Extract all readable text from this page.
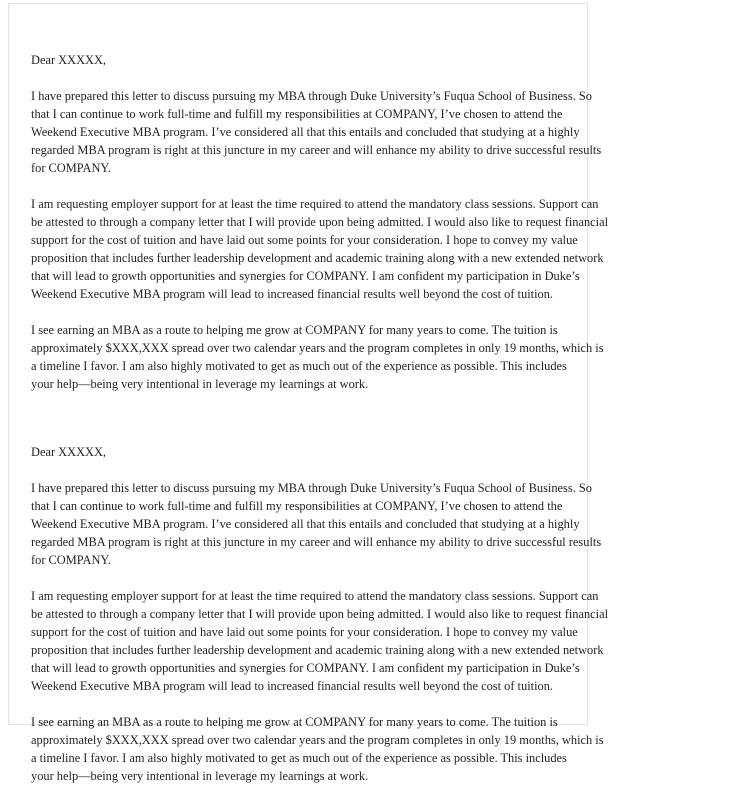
Dear XXXXX,

I have prepared this letter to discuss pursuing my MBA through Duke University’s Fuqua School of Business. So
that I can continue to work full-time and fulfill my responsibilities at COMPANY, I’ve chosen to attend the
Weekend Executive MBA program. I’ve considered all that this entails and concluded that studying at a highly
regarded MBA program is right at this juncture in my career and will enhance my ability to drive successful results
for COMPANY.

I am requesting employer support for at least the time required to attend the mandatory class sessions. Support can
be attested to through a company letter that I will provide upon being admitted. I would also like to request financial
support for the cost of tuition and have laid out some points for your consideration. I hope to convey my value
proposition that includes further leadership development and academic training along with a new extended network
that will lead to growth opportunities and synergies for COMPANY. I am confident my participation in Duke’s
Weekend Executive MBA program will lead to increased financial results well beyond the cost of tuition.

I see earning an MBA as a route to helping me grow at COMPANY for many years to come. The tuition is
approximately $XXX,XXX spread over two calendar years and the program completes in only 19 months, which is
a timeline I favor. I am also highly motivated to get as much out of the experience as possible. This includes
your help—being very intentional in leverage my learnings at work.

Dear XXXXX,

I have prepared this letter to discuss pursuing my MBA through Duke University’s Fuqua School of Business. So
that I can continue to work full-time and fulfill my responsibilities at COMPANY, I’ve chosen to attend the
Weekend Executive MBA program. I’ve considered all that this entails and concluded that studying at a highly
regarded MBA program is right at this juncture in my career and will enhance my ability to drive successful results
for COMPANY.

I am requesting employer support for at least the time required to attend the mandatory class sessions. Support can
be attested to through a company letter that I will provide upon being admitted. I would also like to request financial
support for the cost of tuition and have laid out some points for your consideration. I hope to convey my value
proposition that includes further leadership development and academic training along with a new extended network
that will lead to growth opportunities and synergies for COMPANY. I am confident my participation in Duke’s
Weekend Executive MBA program will lead to increased financial results well beyond the cost of tuition.

I see earning an MBA as a route to helping me grow at COMPANY for many years to come. The tuition is
approximately $XXX,XXX spread over two calendar years and the program completes in only 19 months, which is
a timeline I favor. I am also highly motivated to get as much out of the experience as possible. This includes
your help—being very intentional in leverage my learnings at work.
